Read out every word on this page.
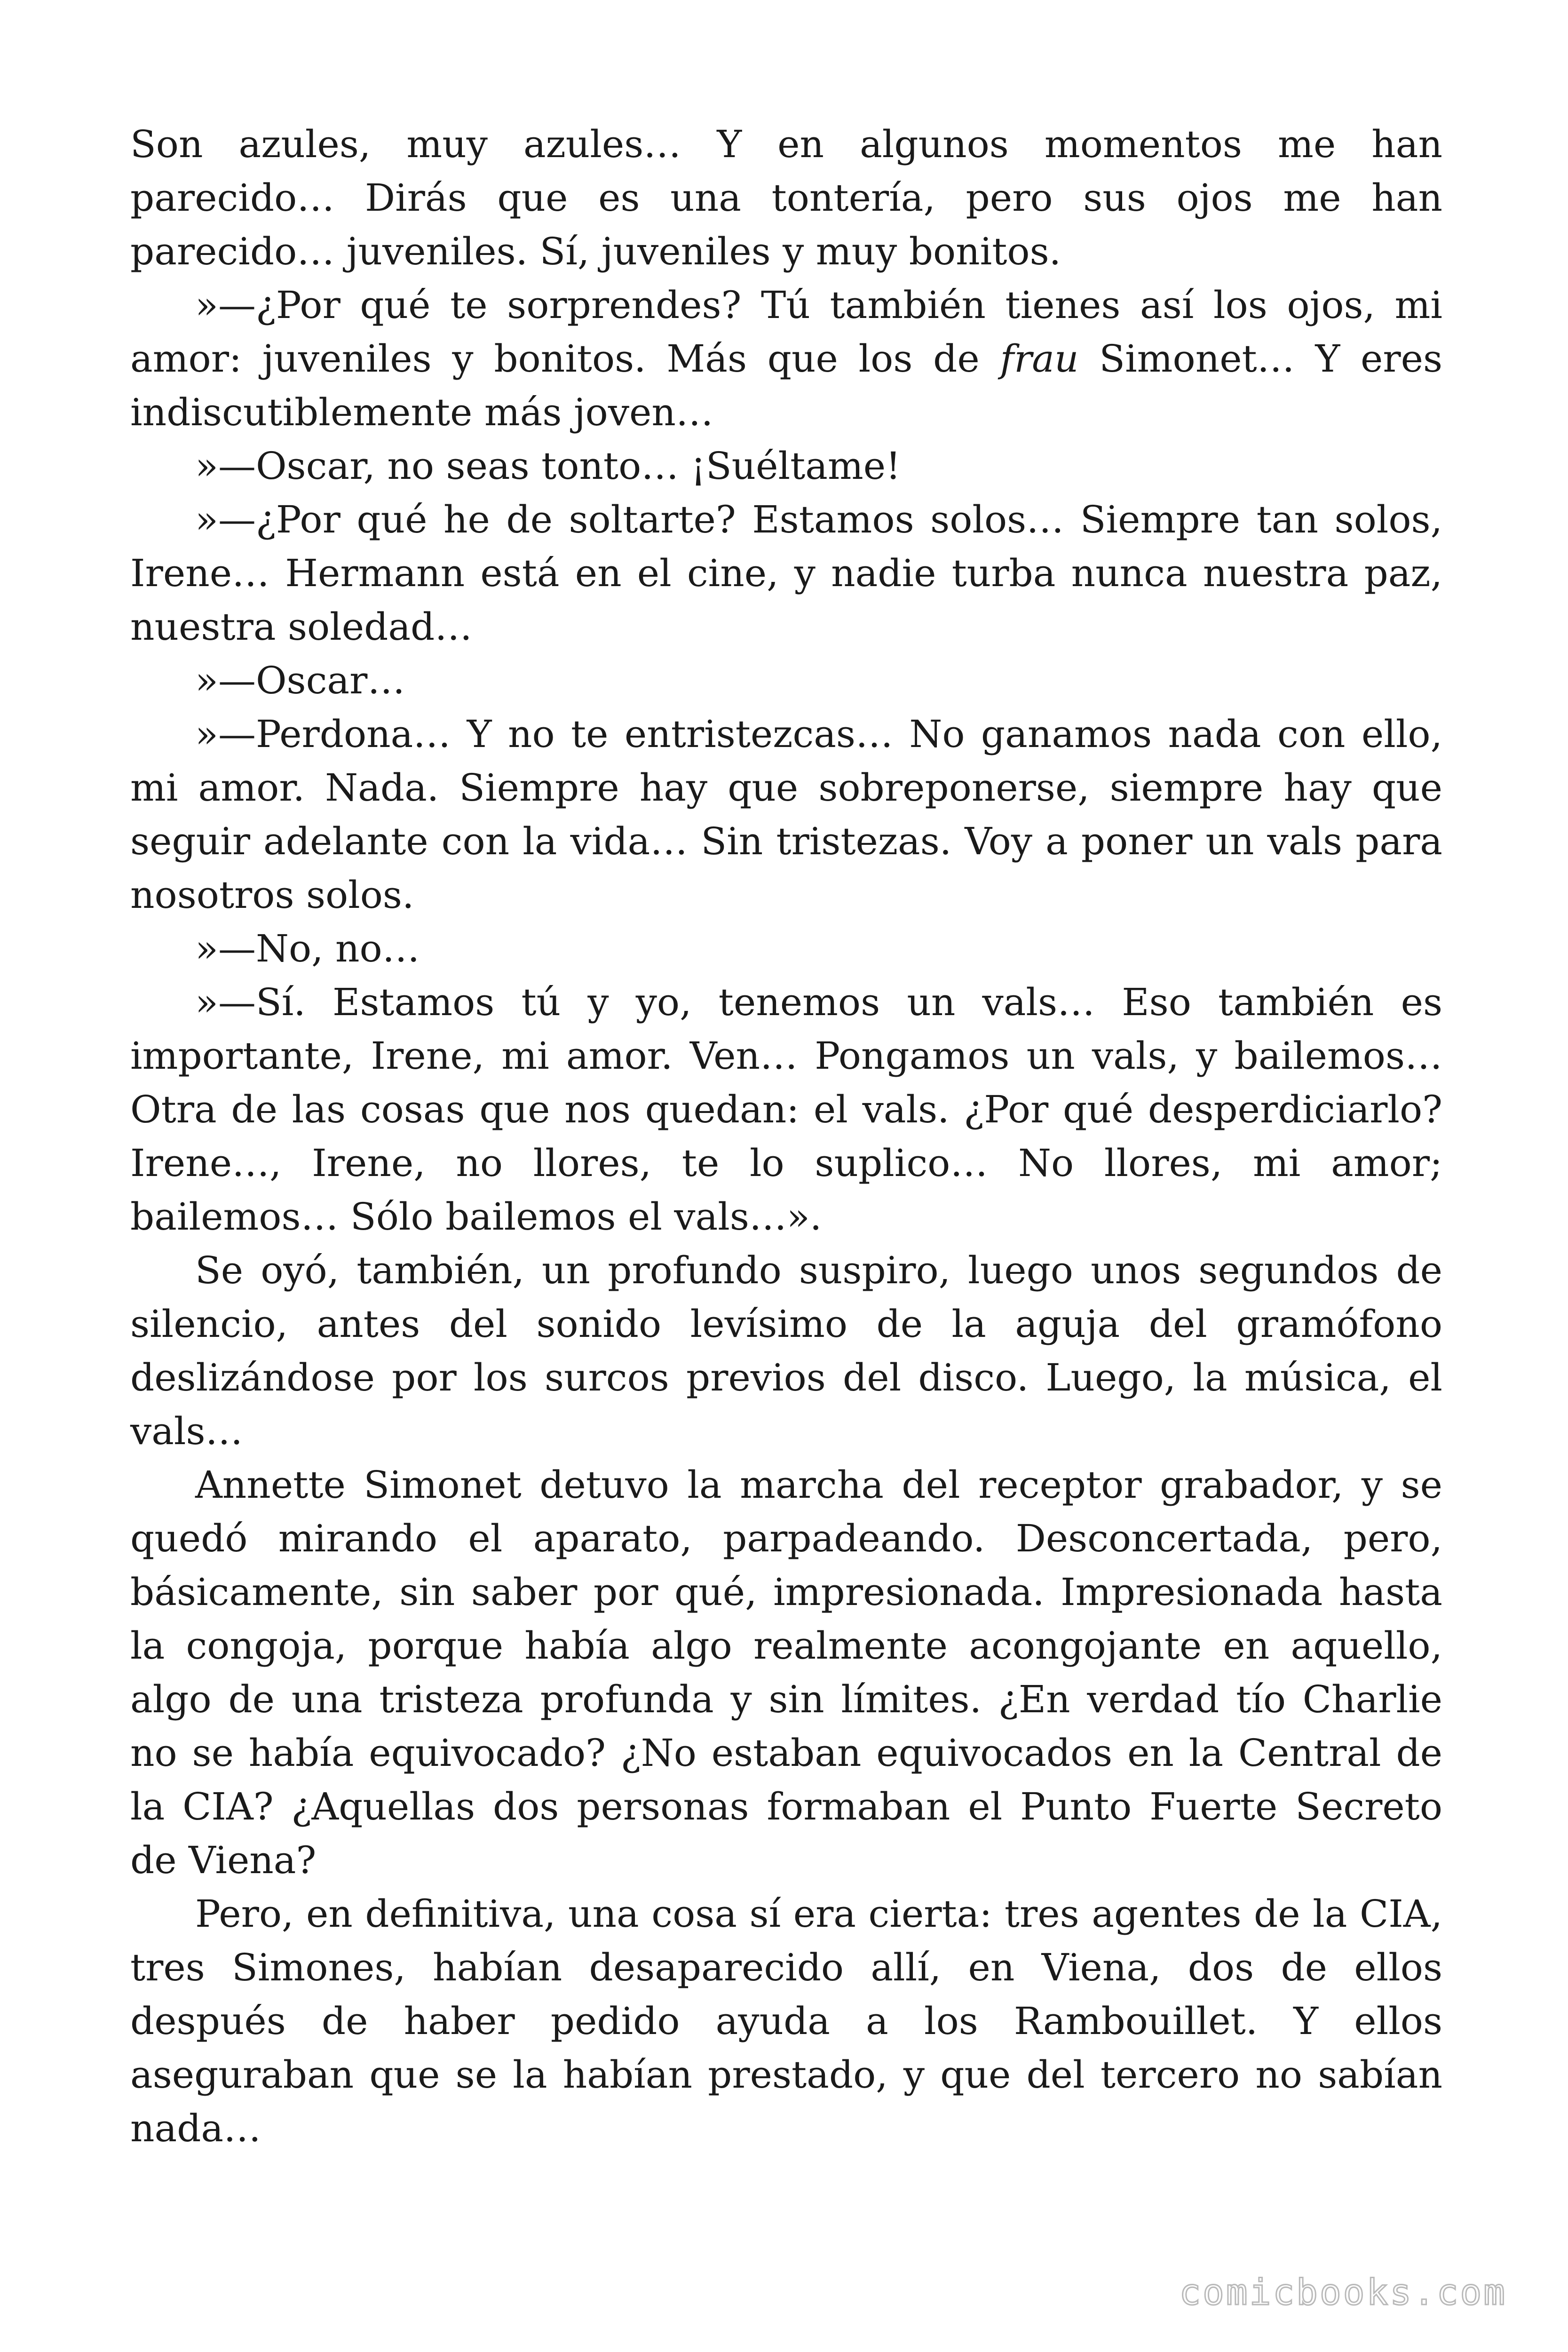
Son azules, muy azules… Y en algunos momentos me han parecido… Dirás que es una tontería, pero sus ojos me han parecido… juveniles. Sí, juveniles y muy bonitos.

»—¿Por qué te sorprendes? Tú también tienes así los ojos, mi amor: juveniles y bonitos. Más que los de frau Simonet… Y eres indiscutiblemente más joven…

»—Oscar, no seas tonto… ¡Suéltame!

»—¿Por qué he de soltarte? Estamos solos… Siempre tan solos, Irene… Hermann está en el cine, y nadie turba nunca nuestra paz, nuestra soledad…

»—Oscar…

»—Perdona… Y no te entristezcas… No ganamos nada con ello, mi amor. Nada. Siempre hay que sobreponerse, siempre hay que seguir adelante con la vida… Sin tristezas. Voy a poner un vals para nosotros solos.

»—No, no…

»—Sí. Estamos tú y yo, tenemos un vals… Eso también es importante, Irene, mi amor. Ven… Pongamos un vals, y bailemos… Otra de las cosas que nos quedan: el vals. ¿Por qué desperdiciarlo? Irene…, Irene, no llores, te lo suplico… No llores, mi amor; bailemos… Sólo bailemos el vals…».

Se oyó, también, un profundo suspiro, luego unos segundos de silencio, antes del sonido levísimo de la aguja del gramófono deslizándose por los surcos previos del disco. Luego, la música, el vals…

Annette Simonet detuvo la marcha del receptor grabador, y se quedó mirando el aparato, parpadeando. Desconcertada, pero, básicamente, sin saber por qué, impresionada. Impresionada hasta la congoja, porque había algo realmente acongojante en aquello, algo de una tristeza profunda y sin límites. ¿En verdad tío Charlie no se había equivocado? ¿No estaban equivocados en la Central de la CIA? ¿Aquellas dos personas formaban el Punto Fuerte Secreto de Viena?

Pero, en definitiva, una cosa sí era cierta: tres agentes de la CIA, tres Simones, habían desaparecido allí, en Viena, dos de ellos después de haber pedido ayuda a los Rambouillet. Y ellos aseguraban que se la habían prestado, y que del tercero no sabían nada…

comicbooks.com
